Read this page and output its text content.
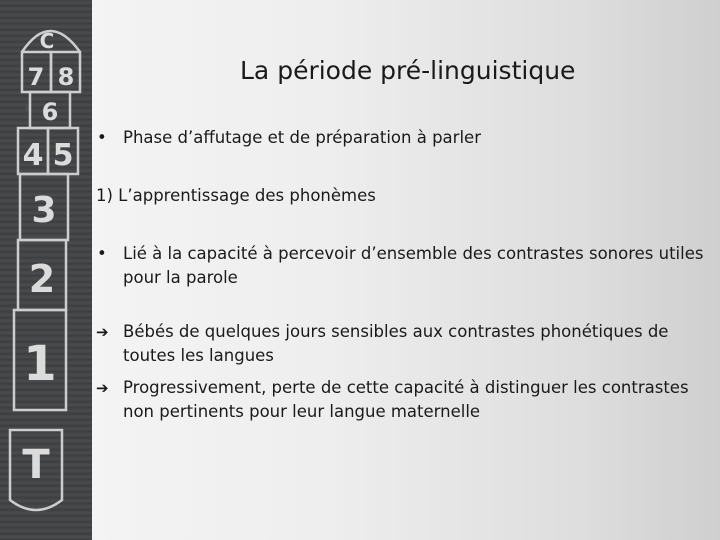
C
7 8
6
4 5
3
2
1
T
La période pré-linguistique
• Phase d’affutage et de préparation à parler
1) L’apprentissage des phonèmes
• Lié à la capacité à percevoir d’ensemble des contrastes sonores utiles pour la parole
➔ Bébés de quelques jours sensibles aux contrastes phonétiques de toutes les langues
➔ Progressivement, perte de cette capacité à distinguer les contrastes non pertinents pour leur langue maternelle
